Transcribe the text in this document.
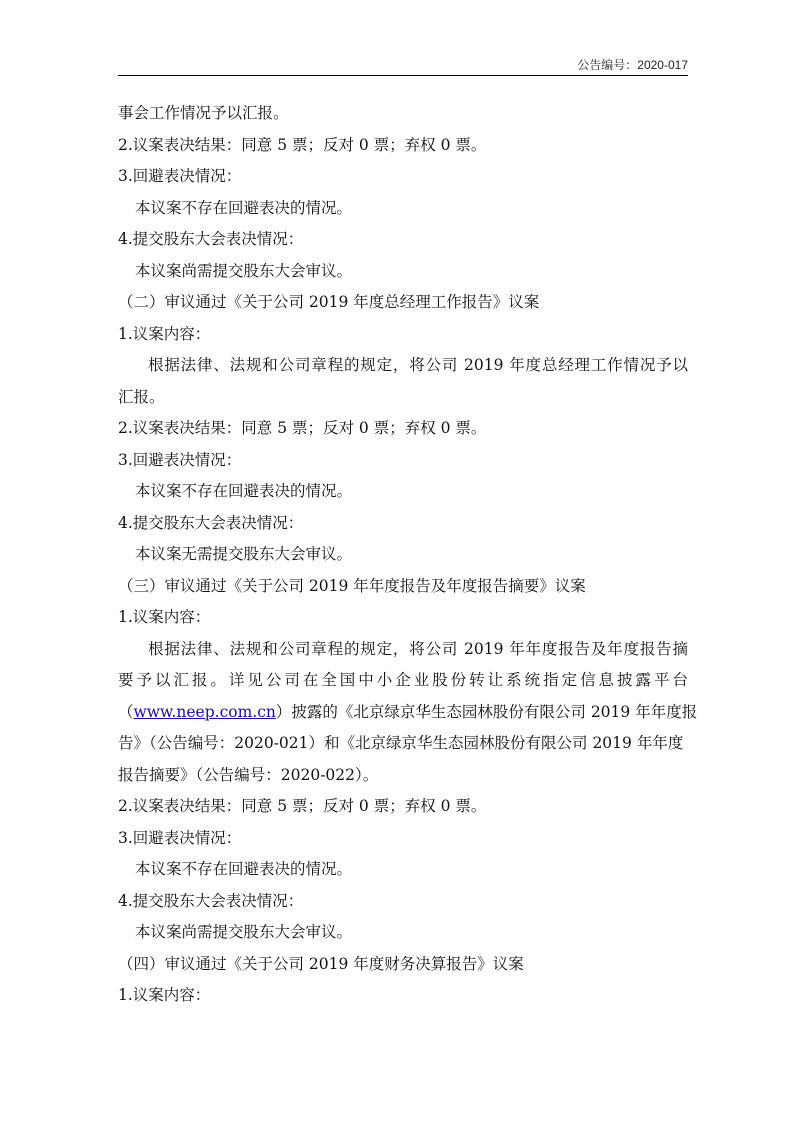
公告编号：2020-017
事会工作情况予以汇报。
2.议案表决结果：同意 5 票；反对 0 票；弃权 0 票。
3.回避表决情况：
本议案不存在回避表决的情况。
4.提交股东大会表决情况：
本议案尚需提交股东大会审议。
（二）审议通过《关于公司 2019 年度总经理工作报告》议案
1.议案内容：
根据法律、法规和公司章程的规定，将公司 2019 年度总经理工作情况予以
汇报。
2.议案表决结果：同意 5 票；反对 0 票；弃权 0 票。
3.回避表决情况：
本议案不存在回避表决的情况。
4.提交股东大会表决情况：
本议案无需提交股东大会审议。
（三）审议通过《关于公司 2019 年年度报告及年度报告摘要》议案
1.议案内容：
根据法律、法规和公司章程的规定，将公司 2019 年年度报告及年度报告摘
要予以汇报。详见公司在全国中小企业股份转让系统指定信息披露平台
（www.neep.com.cn）披露的《北京绿京华生态园林股份有限公司 2019 年年度报
告》（公告编号：2020-021）和《北京绿京华生态园林股份有限公司 2019 年年度
报告摘要》（公告编号：2020-022）。
2.议案表决结果：同意 5 票；反对 0 票；弃权 0 票。
3.回避表决情况：
本议案不存在回避表决的情况。
4.提交股东大会表决情况：
本议案尚需提交股东大会审议。
（四）审议通过《关于公司 2019 年度财务决算报告》议案
1.议案内容：
